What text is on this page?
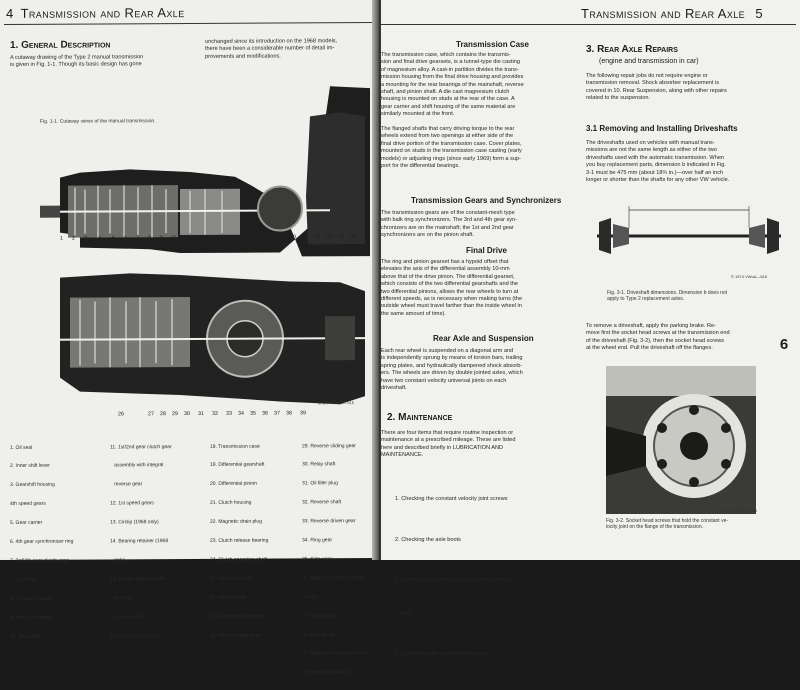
4 Transmission and Rear Axle
1. General Description
A cutaway drawing of the Type 2 manual transmission
is given in Fig. 1-1. Though its basic design has gone
unchanged since its introduction on the 1968 models,
there have been a considerable number of detail im-
provements and modifications.
Fig. 1-1. Cutaway views of the manual transmission.
1 2 3 4 5 6 7 8 9 10 11 12 13 14 15 16 17 18 19 20 21 22 23 24 25
26	27 28 29 30 31 32 33 34 35 36 37 38 39
© 1974 VWoA—515

1. Oil seal

2. Inner shift lever

3. Gearshift housing

4th speed gears

5. Gear carrier

6. 4th gear synchronizer ring

7. 3rd/4th gear clutch gear

assembly

8. 3rd speed gears

9. 2nd speed gears

10. Mainshaft

11. 1st/2nd gear clutch gear

assembly with integral

reverse gear

12. 1st speed gears

13. Circlip (1968 only)

14. Bearing retainer (1968

only)

15. Double tapered-roller

bearing

16. Drive pinion

17. Reverse drivegear

18. Transmission case

19. Differential gearshaft

20. Differential pinion

21. Clutch housing

22. Magnetic drain plug

23. Clutch release bearing

24. Clutch operating shaft

25. Rear driveshaft

26. Selector link

27. 3rd/4th gear shift fork

28. Reverse gear lever

29. Reverse sliding gear

30. Relay shaft

31. Oil filler plug

32. Reverse shaft

33. Reverse driven gear

34. Ring gear

35. Side gear

36. Side cover (early models

only)

37. Sealing cap

38. Axle flange

39. Differential housing cover

Differential housing

Transmission and Rear Axle 5
Transmission Case
The transmission case, which contains the transmis-
sion and final drive gearsets, is a tunnel-type die casting
of magnesium alloy. A cast-in partition divides the trans-
mission housing from the final drive housing and provides
a mounting for the rear bearings of the mainshaft, reverse
shaft, and pinion shaft. A die cast magnesium clutch
housing is mounted on studs at the rear of the case. A
gear carrier and shift housing of the same material are
similarly mounted at the front.
The flanged shafts that carry driving torque to the rear
wheels extend from two openings at either side of the
final drive portion of the transmission case. Cover plates,
mounted on studs in the transmission case casting (early
models) or adjusting rings (since early 1969) form a sup-
port for the differential bearings.
Transmission Gears and Synchronizers
The transmission gears are of the constant-mesh type
with balk ring synchronizers. The 3rd and 4th gear syn-
chronizers are on the mainshaft; the 1st and 2nd gear
synchronizers are on the pinion shaft.
Final Drive
The ring and pinion gearset has a hypoid offset that
elevates the axis of the differential assembly 10-mm
above that of the drive pinion. The differential gearset,
which consists of the two differential gearshafts and the
two differential pinions, allows the rear wheels to turn at
different speeds, as is necessary when making turns (the
outside wheel must travel farther than the inside wheel in
the same amount of time).
Rear Axle and Suspension
Each rear wheel is suspended on a diagonal arm and
is independently sprung by means of torsion bars, trailing
spring plates, and hydraulically dampened shock absorb-
ers. The wheels are driven by double jointed axles, which
have two constant velocity universal joints on each
driveshaft.
2. Maintenance
There are four items that require routine inspection or
maintenance at a prescribed mileage. These are listed
here and described briefly in LUBRICATION AND
MAINTENANCE.

1. Checking the constant velocity joint screws

2. Checking the axle boots

3. Checking and correcting the transmission oil

level

4. Lubricating the rear wheel bearings.

3. Rear Axle Repairs
(engine and transmission in car)
The following repair jobs do not require engine or
transmission removal. Shock absorber replacement is
covered in 10. Rear Suspension, along with other repairs
related to the suspension.
3.1 Removing and Installing Driveshafts
The driveshafts used on vehicles with manual trans-
missions are not the same length as either of the two
driveshafts used with the automatic transmission. When
you buy replacement parts, dimension b indicated in Fig.
3-1 must be 475 mm (about 18¾ in.)—over half an inch
longer or shorter than the shafts for any other VW vehicle.
© 1974 VWoA—516
Fig. 3-1. Driveshaft dimensions. Dimension b does not
apply to Type 2 replacement axles.
To remove a driveshaft, apply the parking brake. Re-
move first the socket head screws at the transmission end
of the driveshaft (Fig. 3-2), then the socket head screws
at the wheel end. Pull the driveshaft off the flanges.
© 1974 VWoA—516
Fig. 3-2. Socket head screws that hold the constant ve-
locity joint on the flange of the transmission.
6
